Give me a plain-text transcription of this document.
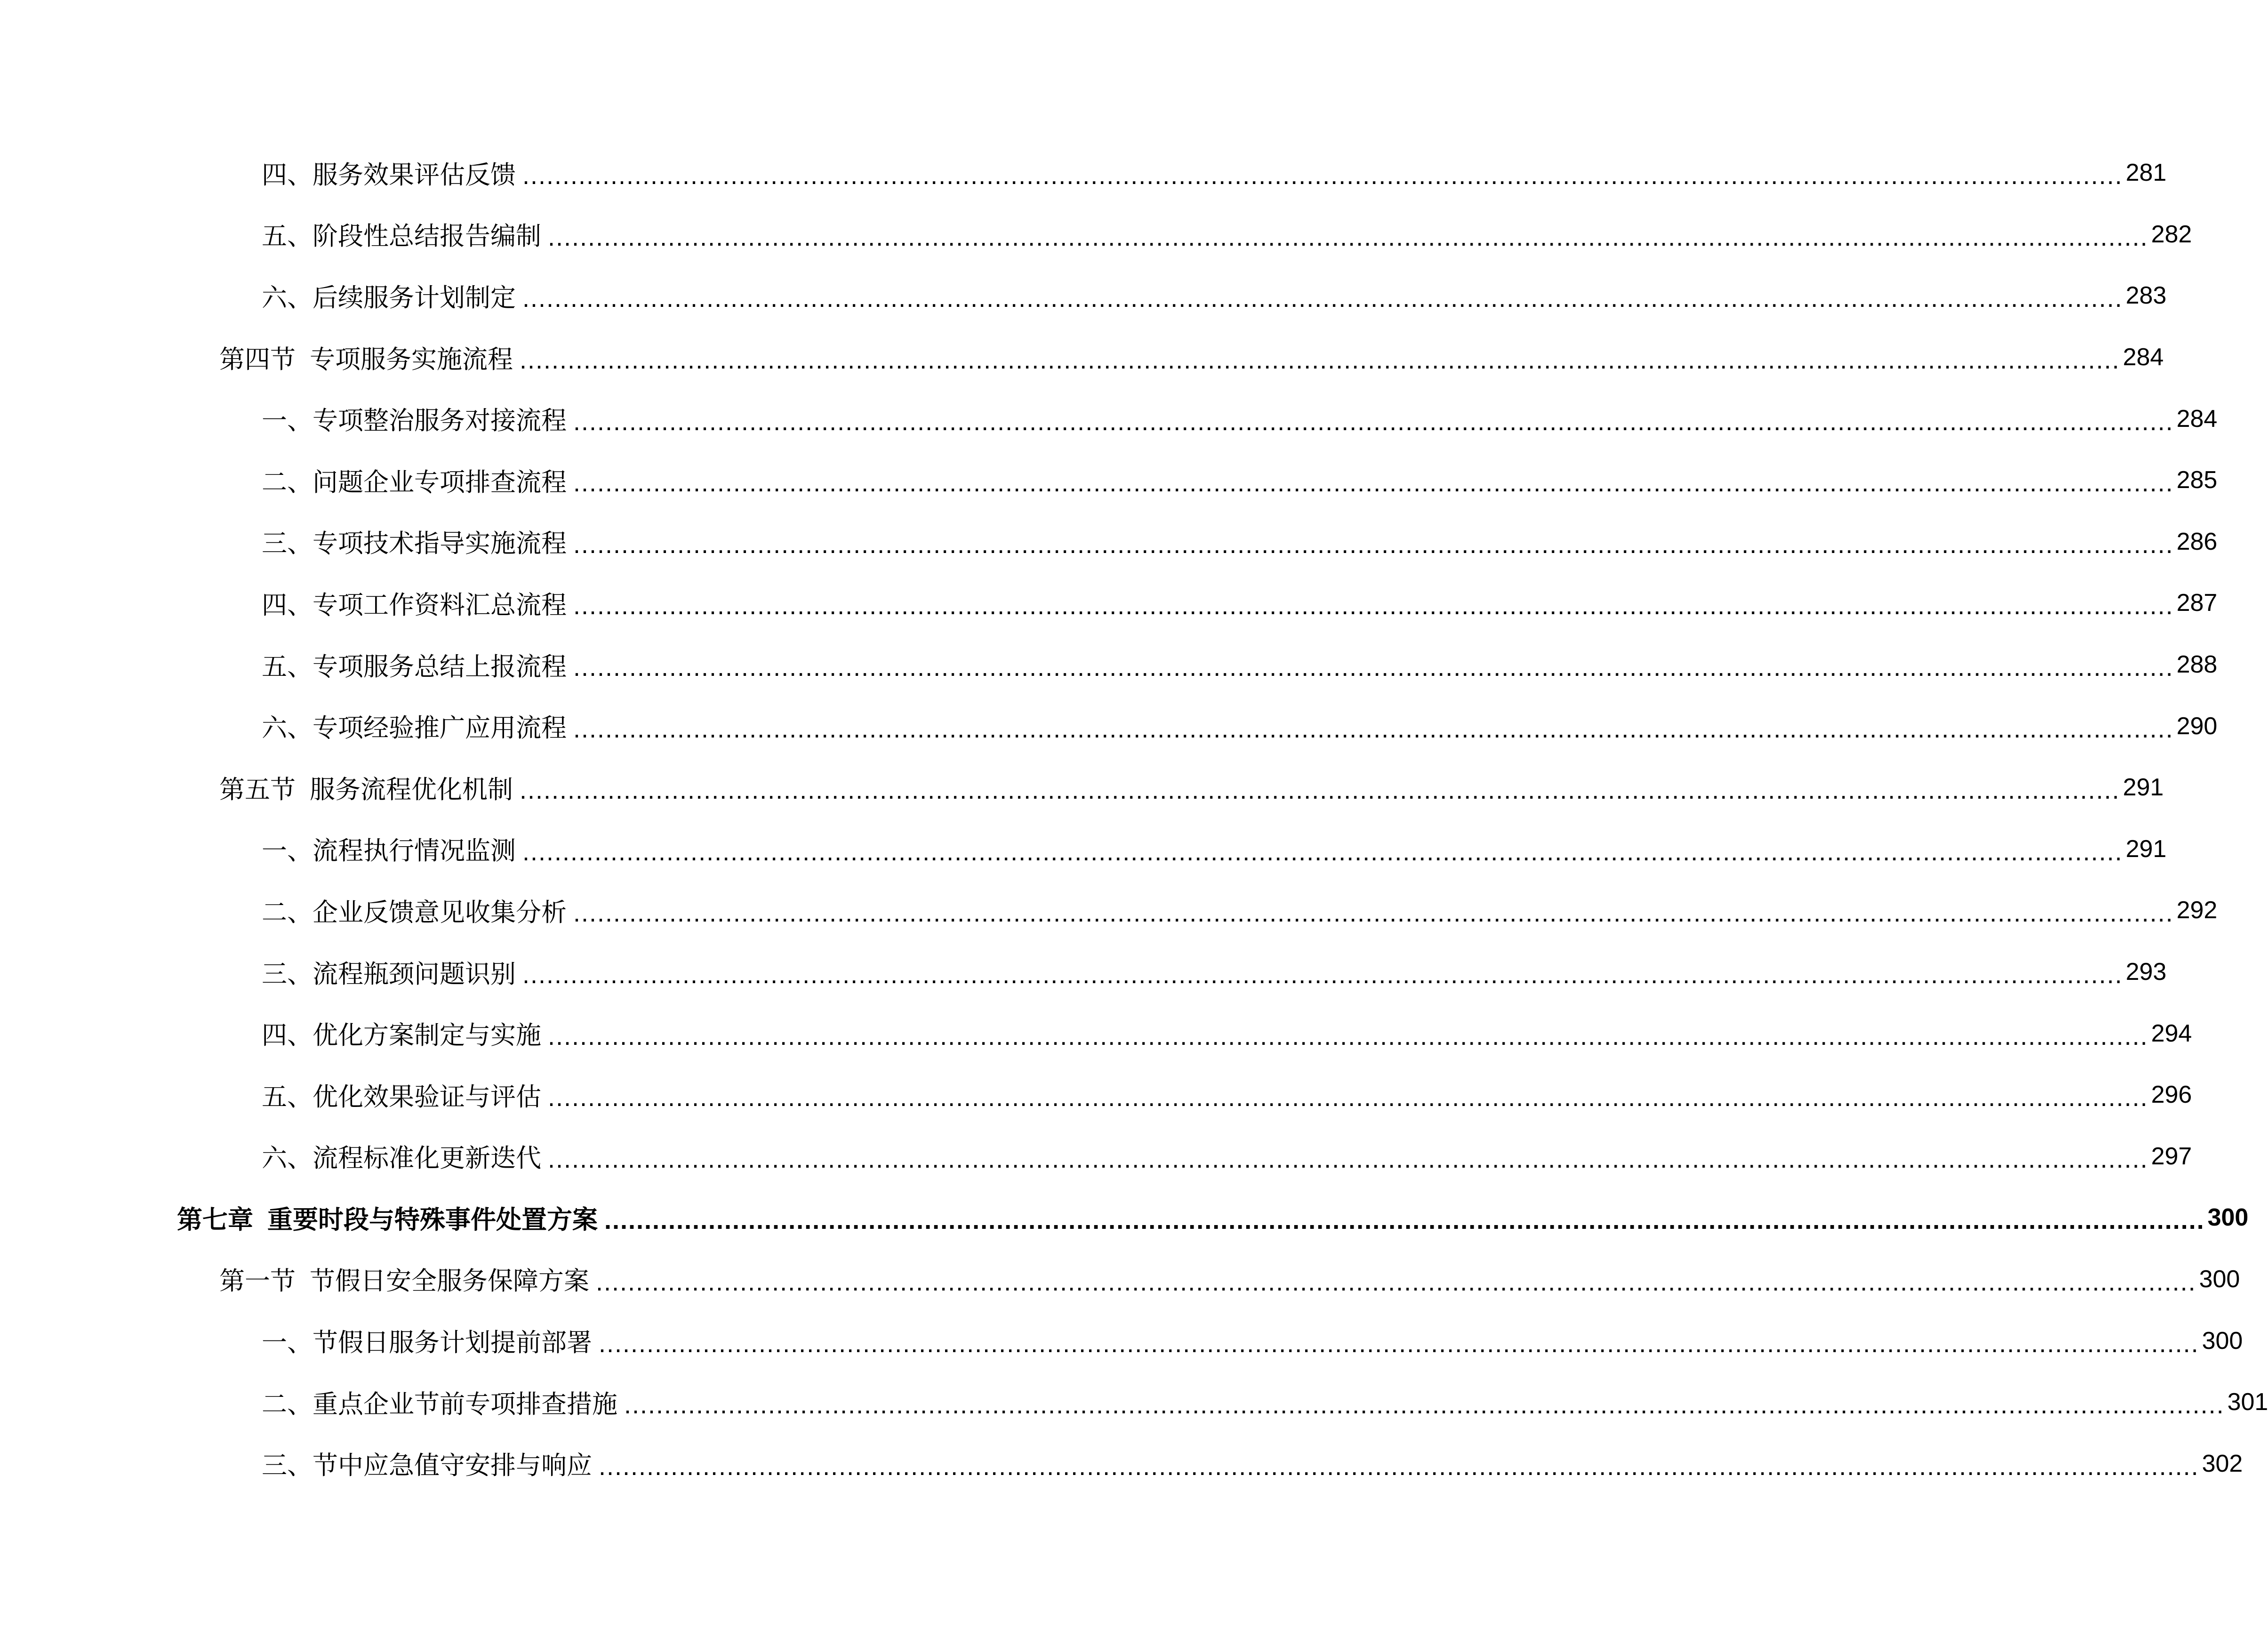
四、服务效果评估反馈 ........................................................................................................................................................................................................ 281
五、阶段性总结报告编制 ........................................................................................................................................................................................................ 282
六、后续服务计划制定 ........................................................................................................................................................................................................ 283
第四节 专项服务实施流程 ........................................................................................................................................................................................................ 284
一、专项整治服务对接流程 ........................................................................................................................................................................................................ 284
二、问题企业专项排查流程 ........................................................................................................................................................................................................ 285
三、专项技术指导实施流程 ........................................................................................................................................................................................................ 286
四、专项工作资料汇总流程 ........................................................................................................................................................................................................ 287
五、专项服务总结上报流程 ........................................................................................................................................................................................................ 288
六、专项经验推广应用流程 ........................................................................................................................................................................................................ 290
第五节 服务流程优化机制 ........................................................................................................................................................................................................ 291
一、流程执行情况监测 ........................................................................................................................................................................................................ 291
二、企业反馈意见收集分析 ........................................................................................................................................................................................................ 292
三、流程瓶颈问题识别 ........................................................................................................................................................................................................ 293
四、优化方案制定与实施 ........................................................................................................................................................................................................ 294
五、优化效果验证与评估 ........................................................................................................................................................................................................ 296
六、流程标准化更新迭代 ........................................................................................................................................................................................................ 297
第七章 重要时段与特殊事件处置方案 ........................................................................................................................................................................................................ 300
第一节 节假日安全服务保障方案 ........................................................................................................................................................................................................ 300
一、节假日服务计划提前部署 ........................................................................................................................................................................................................ 300
二、重点企业节前专项排查措施 ........................................................................................................................................................................................................ 301
三、节中应急值守安排与响应 ........................................................................................................................................................................................................ 302
